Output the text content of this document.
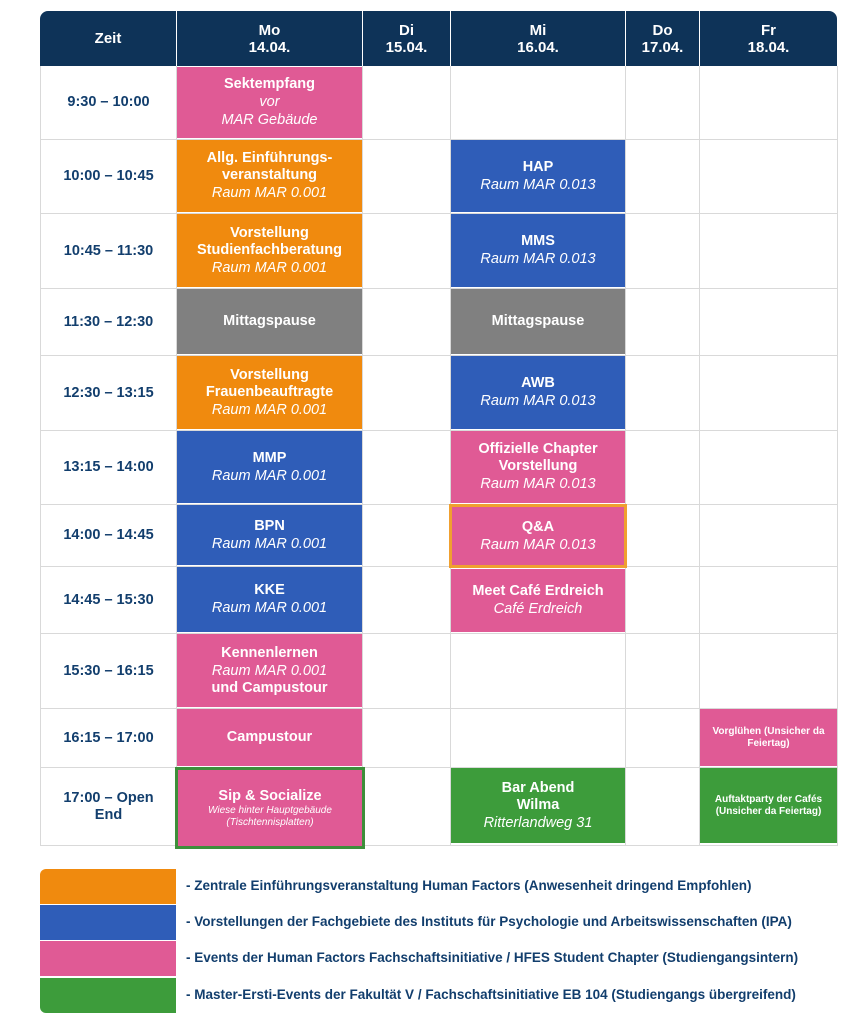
Zeit	Mo
14.04.
Di
15.04.
Mi
16.04.
Do
17.04.
Fr
18.04.
9:30 – 10:00
10:00 – 10:45
10:45 – 11:30
11:30 – 12:30
12:30 – 13:15
13:15 – 14:00
14:00 – 14:45
14:45 – 15:30
15:30 – 16:15
16:15 – 17:00
17:00 – Open End
Sektempfang
vor
MAR Gebäude
Allg. Einführungs-
veranstaltung
Raum MAR 0.001
Vorstellung
Studienfachberatung
Raum MAR 0.001
Mittagspause
Vorstellung
Frauenbeauftragte
Raum MAR 0.001
MMP
Raum MAR 0.001
BPN
Raum MAR 0.001
KKE
Raum MAR 0.001
Kennenlernen
Raum MAR 0.001
und Campustour
Campustour
Sip & Socialize
Wiese hinter Hauptgebäude
(Tischtennisplatten)
HAP
Raum MAR 0.013
MMS
Raum MAR 0.013
Mittagspause
AWB
Raum MAR 0.013
Offizielle Chapter
Vorstellung
Raum MAR 0.013
Q&A
Raum MAR 0.013
Meet Café Erdreich
Café Erdreich
Bar Abend
Wilma
Ritterlandweg 31
Vorglühen (Unsicher da
Feiertag)
Auftaktparty der Cafés
(Unsicher da Feiertag)
- Zentrale Einführungsveranstaltung Human Factors (Anwesenheit dringend Empfohlen)
- Vorstellungen der Fachgebiete des Instituts für Psychologie und Arbeitswissenschaften (IPA)
- Events der Human Factors Fachschaftsinitiative / HFES Student Chapter (Studiengangsintern)
- Master-Ersti-Events der Fakultät V / Fachschaftsinitiative EB 104 (Studiengangs übergreifend)
